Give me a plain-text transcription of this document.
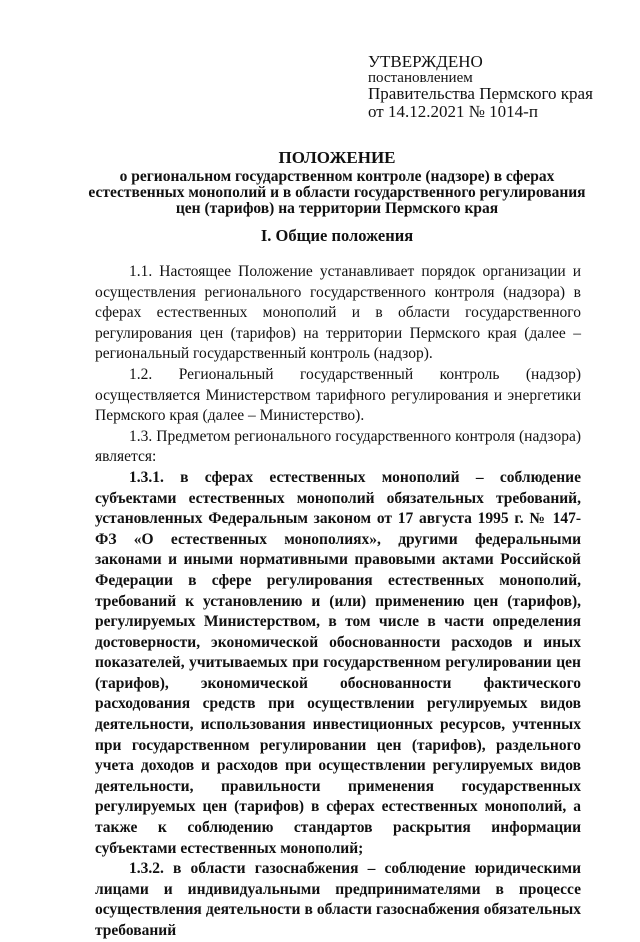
УТВЕРЖДЕНО
постановлением
Правительства Пермского края
от 14.12.2021 № 1014-п
ПОЛОЖЕНИЕ
о региональном государственном контроле (надзоре) в сферах естественных монополий и в области государственного регулирования цен (тарифов) на территории Пермского края
I. Общие положения

1.1. Настоящее Положение устанавливает порядок организации и осуществления регионального государственного контроля (надзора) в сферах естественных монополий и в области государственного регулирования цен (тарифов) на территории Пермского края (далее – региональный государственный контроль (надзор).

1.2. Региональный государственный контроль (надзор) осуществляется Министерством тарифного регулирования и энергетики Пермского края (далее – Министерство).

1.3. Предметом регионального государственного контроля (надзора) является:

1.3.1. в сферах естественных монополий – соблюдение субъектами естественных монополий обязательных требований, установленных Федеральным законом от 17 августа 1995 г. № 147-ФЗ «О естественных монополиях», другими федеральными законами и иными нормативными правовыми актами Российской Федерации в сфере регулирования естественных монополий, требований к установлению и (или) применению цен (тарифов), регулируемых Министерством, в том числе в части определения достоверности, экономической обоснованности расходов и иных показателей, учитываемых при государственном регулировании цен (тарифов), экономической обоснованности фактического расходования средств при осуществлении регулируемых видов деятельности, использования инвестиционных ресурсов, учтенных при государственном регулировании цен (тарифов), раздельного учета доходов и расходов при осуществлении регулируемых видов деятельности, правильности применения государственных регулируемых цен (тарифов) в сферах естественных монополий, а также к соблюдению стандартов раскрытия информации субъектами естественных монополий;

1.3.2. в области газоснабжения – соблюдение юридическими лицами и индивидуальными предпринимателями в процессе осуществления деятельности в области газоснабжения обязательных требований
